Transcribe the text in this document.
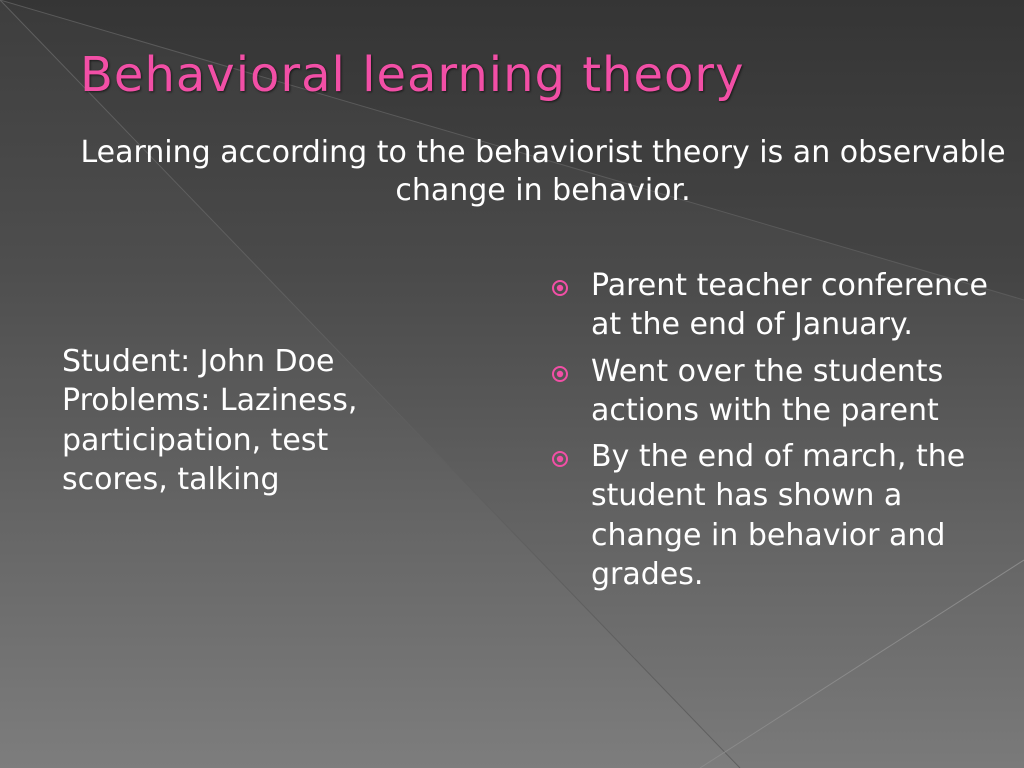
Behavioral learning theory

Learning according to the behaviorist theory is an observable change in behavior.

Student: John Doe
Problems: Laziness, participation, test scores, talking
Parent teacher conference  at the end of January.
Went over the students actions with the parent
By the end of march, the student has shown a change in behavior and grades.
